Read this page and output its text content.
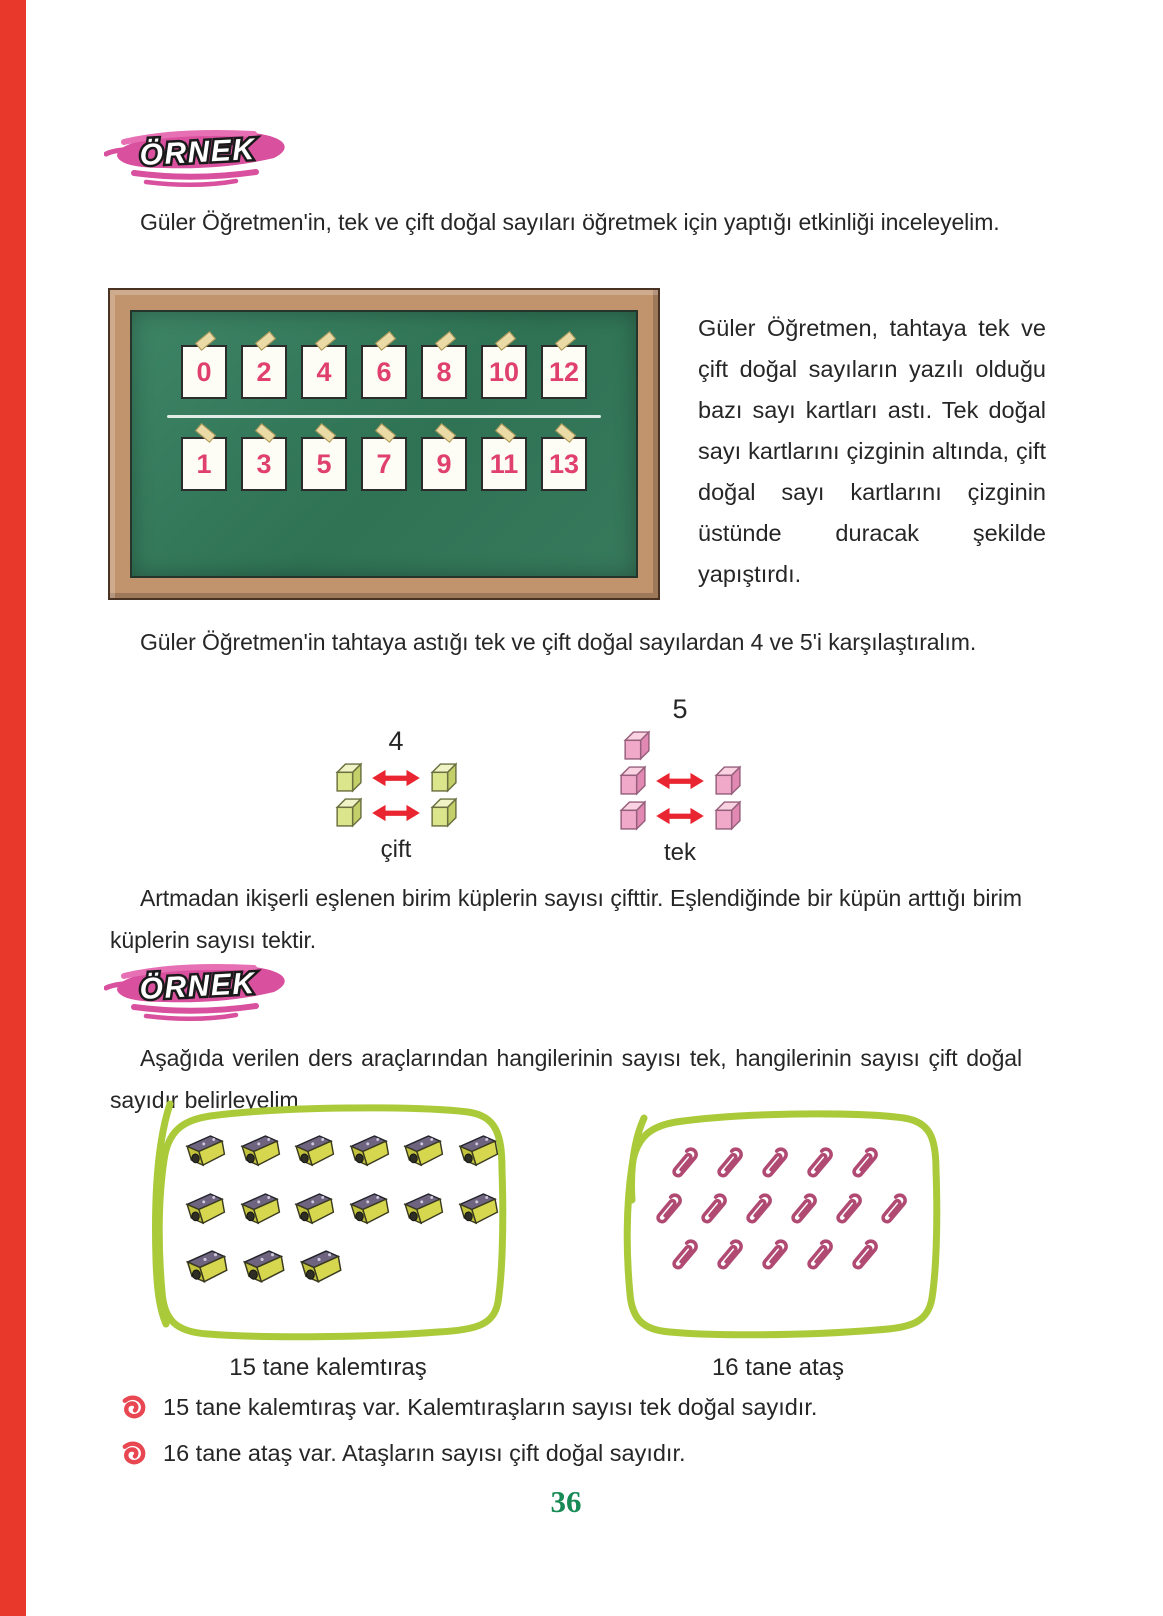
ÖRNEK

Güler Öğretmen'in, tek ve çift doğal sayıları öğretmek için yaptığı etkinliği inceleyelim.

0 2 4 6 8 10 12
1 3 5 7 9 11 13

Güler Öğretmen, tahtaya tek ve çift doğal sayıların yazılı olduğu bazı sayı kartları astı. Tek doğal sayı kartlarını çizginin altında, çift doğal sayı kartlarını çizginin üstünde duracak şekilde yapıştırdı.

Güler Öğretmen'in tahtaya astığı tek ve çift doğal sayılardan 4 ve 5'i karşılaştıralım.

4
çift
5
tek

Artmadan ikişerli eşlenen birim küplerin sayısı çifttir. Eşlendiğinde bir küpün arttığı birim küplerin sayısı tektir.

ÖRNEK

Aşağıda verilen ders araçlarından hangilerinin sayısı tek, hangilerinin sayısı çift doğal sayıdır belirleyelim.

15 tane kalemtıraş	16 tane ataş
15 tane kalemtıraş var. Kalemtıraşların sayısı tek doğal sayıdır.
16 tane ataş var. Ataşların sayısı çift doğal sayıdır.
36
